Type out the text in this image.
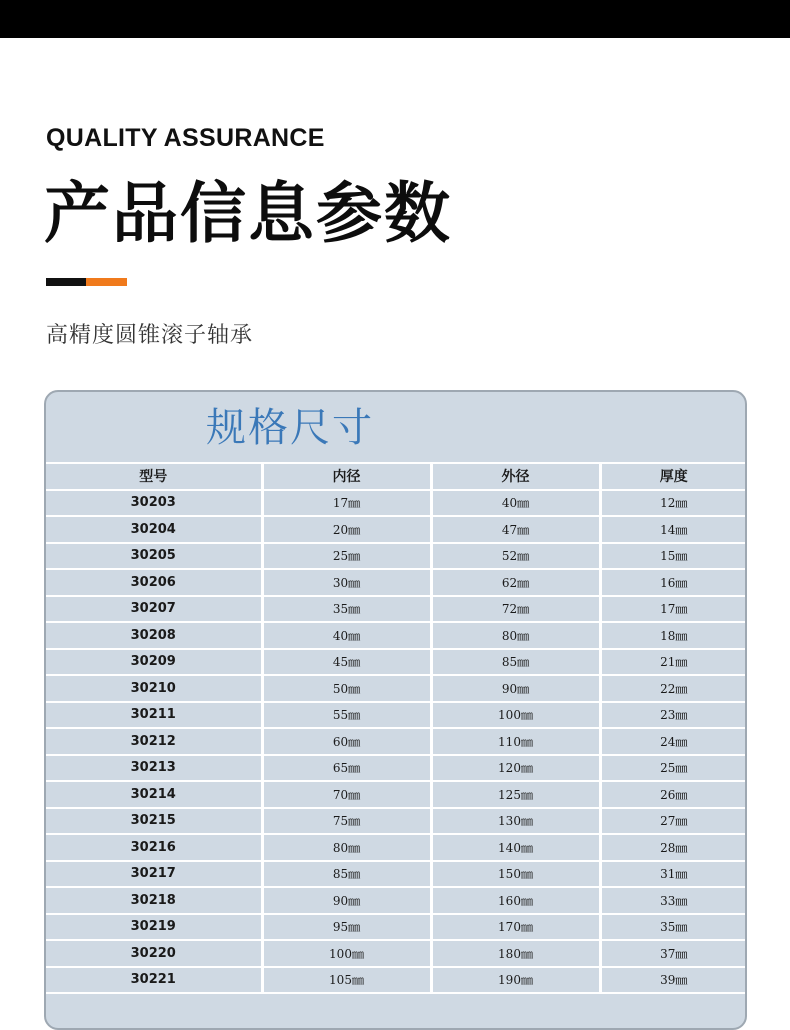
QUALITY ASSURANCE
产品信息参数
高精度圆锥滚子轴承
规格尺寸
型号	内径	外径	厚度
30203	17㎜	40㎜	12㎜
30204	20㎜	47㎜	14㎜
30205	25㎜	52㎜	15㎜
30206	30㎜	62㎜	16㎜
30207	35㎜	72㎜	17㎜
30208	40㎜	80㎜	18㎜
30209	45㎜	85㎜	21㎜
30210	50㎜	90㎜	22㎜
30211	55㎜	100㎜	23㎜
30212	60㎜	110㎜	24㎜
30213	65㎜	120㎜	25㎜
30214	70㎜	125㎜	26㎜
30215	75㎜	130㎜	27㎜
30216	80㎜	140㎜	28㎜
30217	85㎜	150㎜	31㎜
30218	90㎜	160㎜	33㎜
30219	95㎜	170㎜	35㎜
30220	100㎜	180㎜	37㎜
30221	105㎜	190㎜	39㎜
